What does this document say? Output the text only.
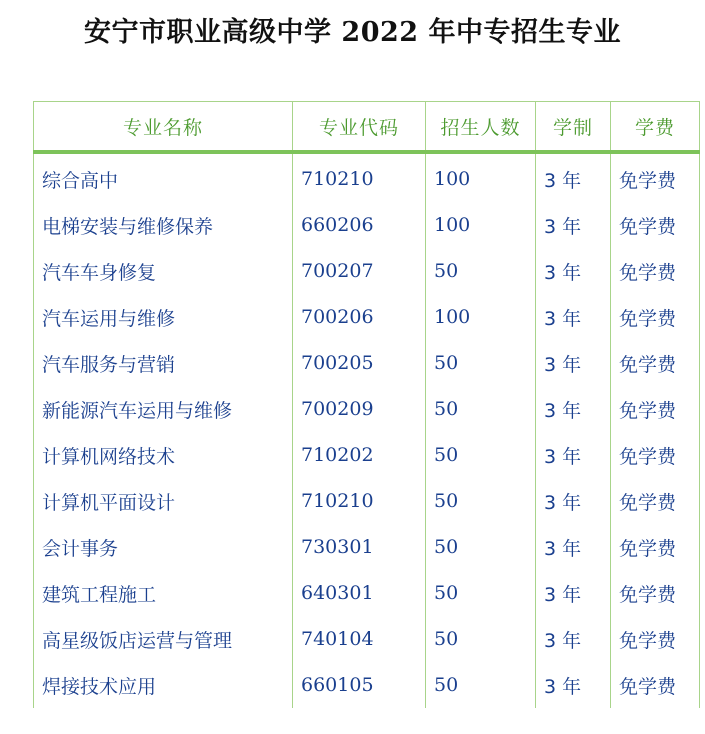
安宁市职业高级中学 2022 年中专招生专业
专业名称	专业代码	招生人数	学制	学费
综合高中	710210	100	3 年	免学费
电梯安装与维修保养	660206	100	3 年	免学费
汽车车身修复	700207	50	3 年	免学费
汽车运用与维修	700206	100	3 年	免学费
汽车服务与营销	700205	50	3 年	免学费
新能源汽车运用与维修	700209	50	3 年	免学费
计算机网络技术	710202	50	3 年	免学费
计算机平面设计	710210	50	3 年	免学费
会计事务	730301	50	3 年	免学费
建筑工程施工	640301	50	3 年	免学费
高星级饭店运营与管理	740104	50	3 年	免学费
焊接技术应用	660105	50	3 年	免学费
